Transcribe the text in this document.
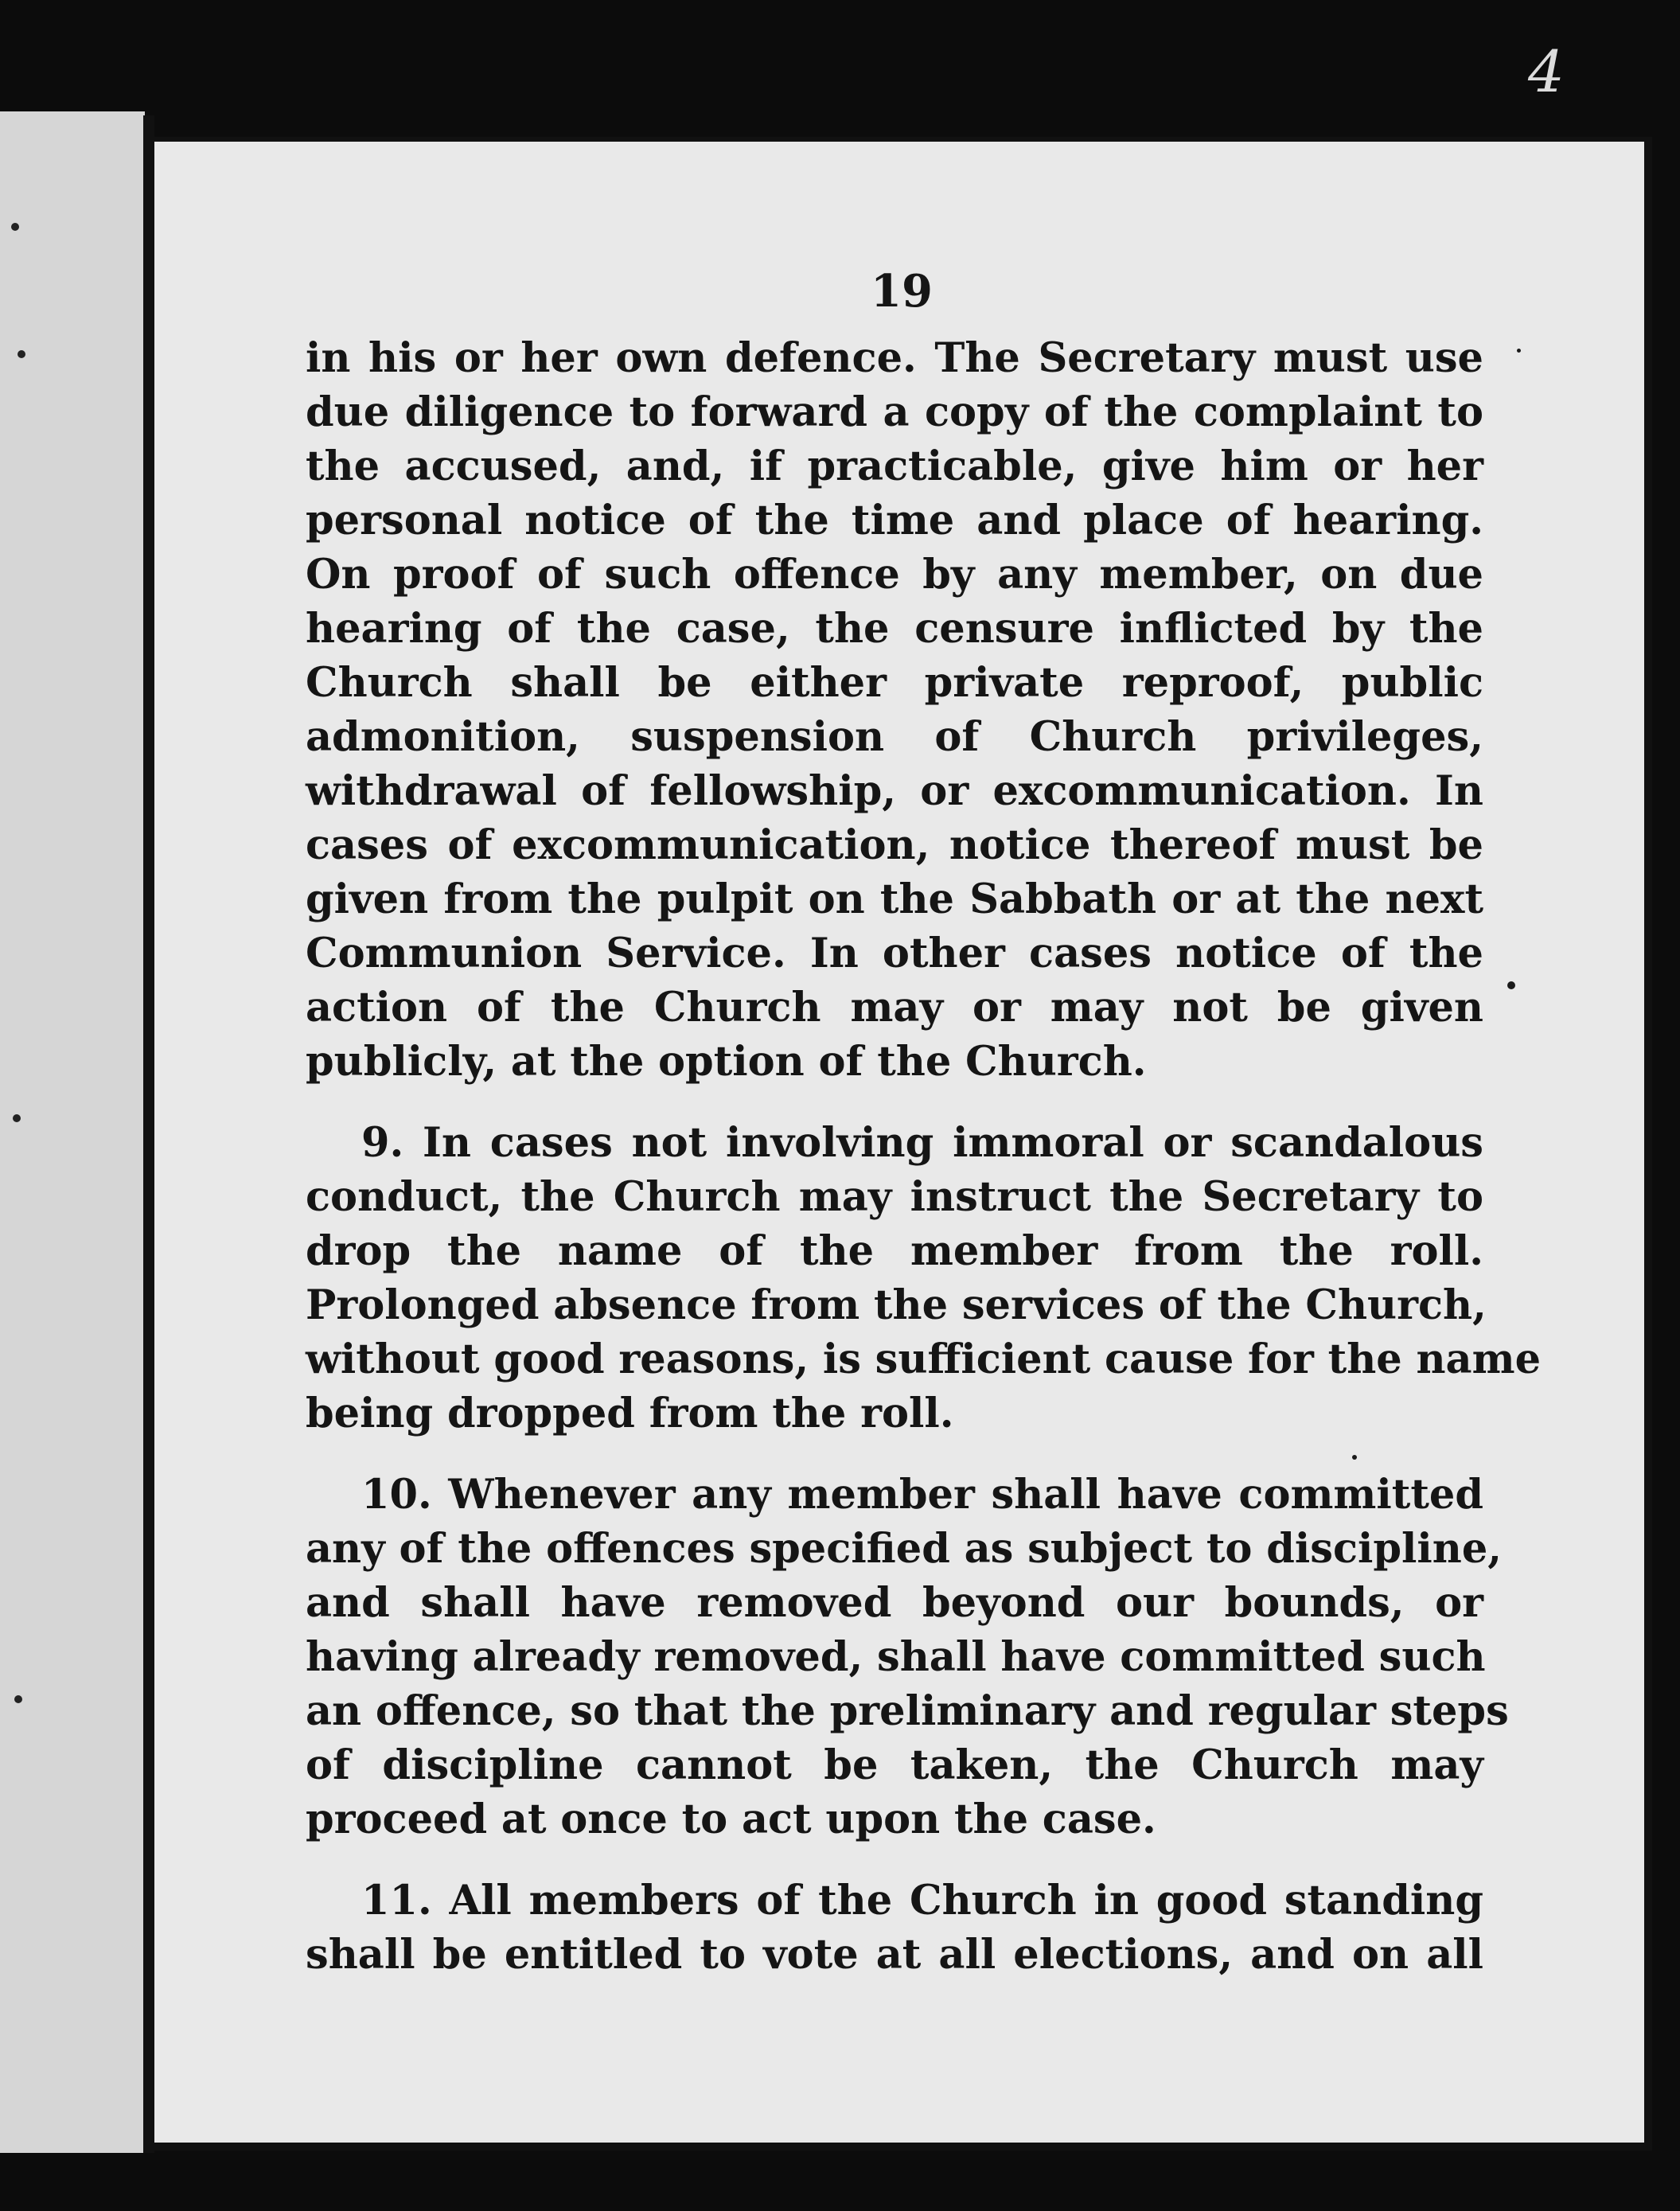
4
19
in his or her own defence. The Secretary must use
due diligence to forward a copy of the complaint to
the accused, and, if practicable, give him or her
personal notice of the time and place of hearing.
On proof of such offence by any member, on due
hearing of the case, the censure inflicted by the
Church shall be either private reproof, public
admonition, suspension of Church privileges,
withdrawal of fellowship, or excommunication. In
cases of excommunication, notice thereof must be
given from the pulpit on the Sabbath or at the next
Communion Service. In other cases notice of the
action of the Church may or may not be given
publicly, at the option of the Church.
9. In cases not involving immoral or scandalous
conduct, the Church may instruct the Secretary to
drop the name of the member from the roll.
Prolonged absence from the services of the Church,
without good reasons, is sufficient cause for the name
being dropped from the roll.
10. Whenever any member shall have committed
any of the offences specified as subject to discipline,
and shall have removed beyond our bounds, or
having already removed, shall have committed such
an offence, so that the preliminary and regular steps
of discipline cannot be taken, the Church may
proceed at once to act upon the case.
11. All members of the Church in good standing
shall be entitled to vote at all elections, and on all
